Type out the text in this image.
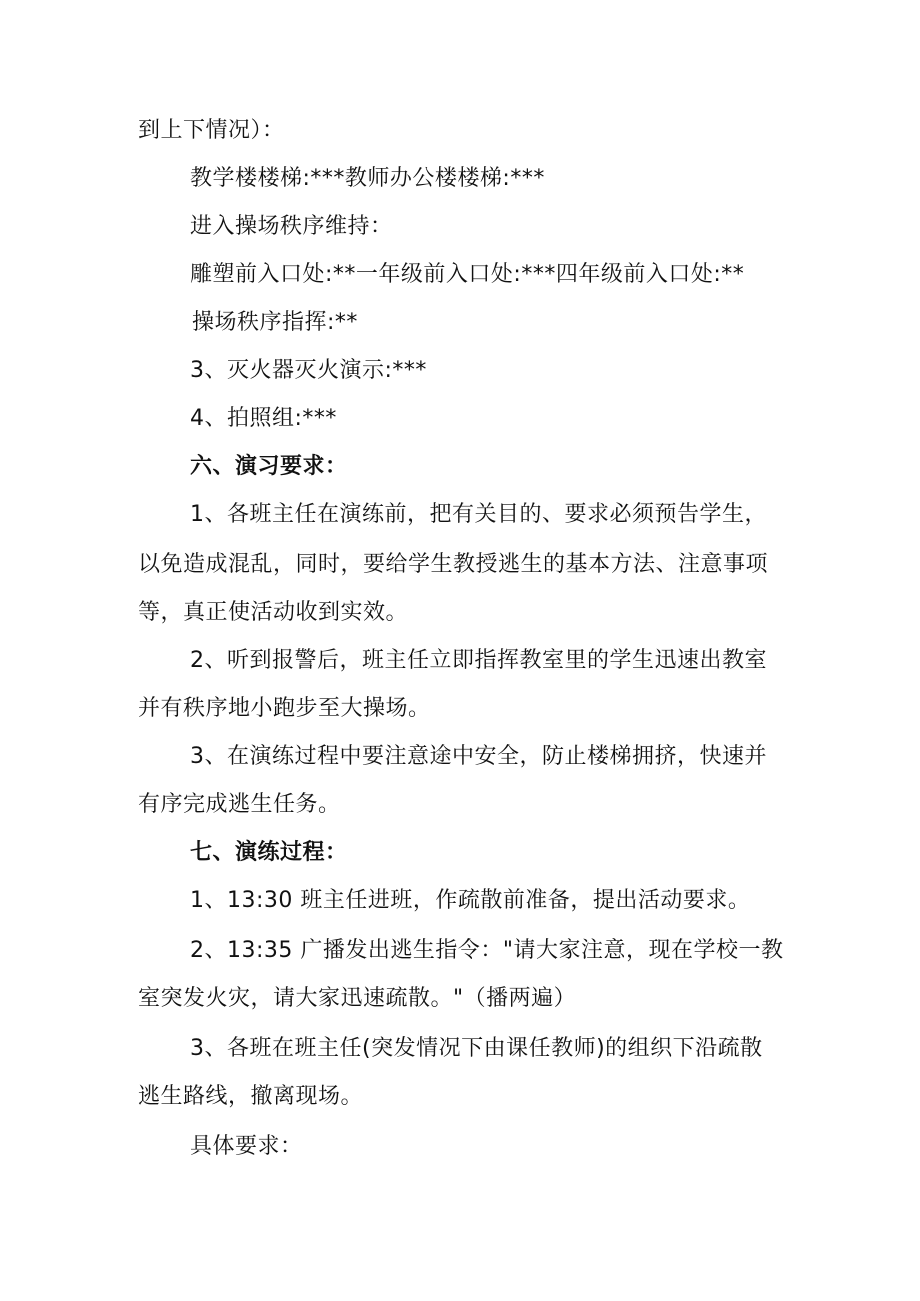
到上下情况）：
教学楼楼梯:***教师办公楼楼梯:***
进入操场秩序维持：
雕塑前入口处:**一年级前入口处:***四年级前入口处:**
操场秩序指挥:**
3、灭火器灭火演示:***
4、拍照组:***
六、演习要求：
1、各班主任在演练前，把有关目的、要求必须预告学生，
以免造成混乱，同时，要给学生教授逃生的基本方法、注意事项
等，真正使活动收到实效。
2、听到报警后，班主任立即指挥教室里的学生迅速出教室
并有秩序地小跑步至大操场。
3、在演练过程中要注意途中安全，防止楼梯拥挤，快速并
有序完成逃生任务。
七、演练过程：
1、13:30 班主任进班，作疏散前准备，提出活动要求。
2、13:35 广播发出逃生指令："请大家注意，现在学校一教
室突发火灾，请大家迅速疏散。"（播两遍）
3、各班在班主任(突发情况下由课任教师)的组织下沿疏散
逃生路线，撤离现场。
具体要求：
